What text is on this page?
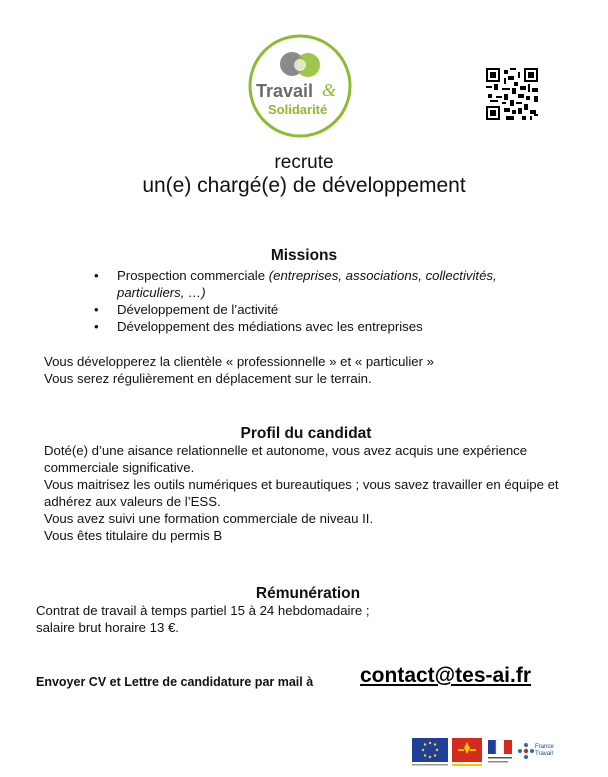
Travail &
Solidarité
recrute
un(e) chargé(e) de développement
Missions
• Prospection commerciale (entreprises, associations, collectivités, particuliers, …)
• Développement de l’activité
• Développement des médiations avec les entreprises
Vous développerez la clientèle « professionnelle » et « particulier »
Vous serez régulièrement en déplacement sur le terrain.
Profil du candidat
Doté(e) d’une aisance relationnelle et autonome, vous avez acquis une expérience commerciale significative.
Vous maitrisez les outils numériques et bureautiques ; vous savez travailler en équipe et adhérez aux valeurs de l’ESS.
Vous avez suivi une formation commerciale de niveau II.
Vous êtes titulaire du permis B
Rémunération
Contrat de travail à temps partiel 15 à 24 hebdomadaire ;
salaire brut horaire 13 €.
Envoyer CV et Lettre de candidature par mail à contact@tes-ai.fr
France Travail
